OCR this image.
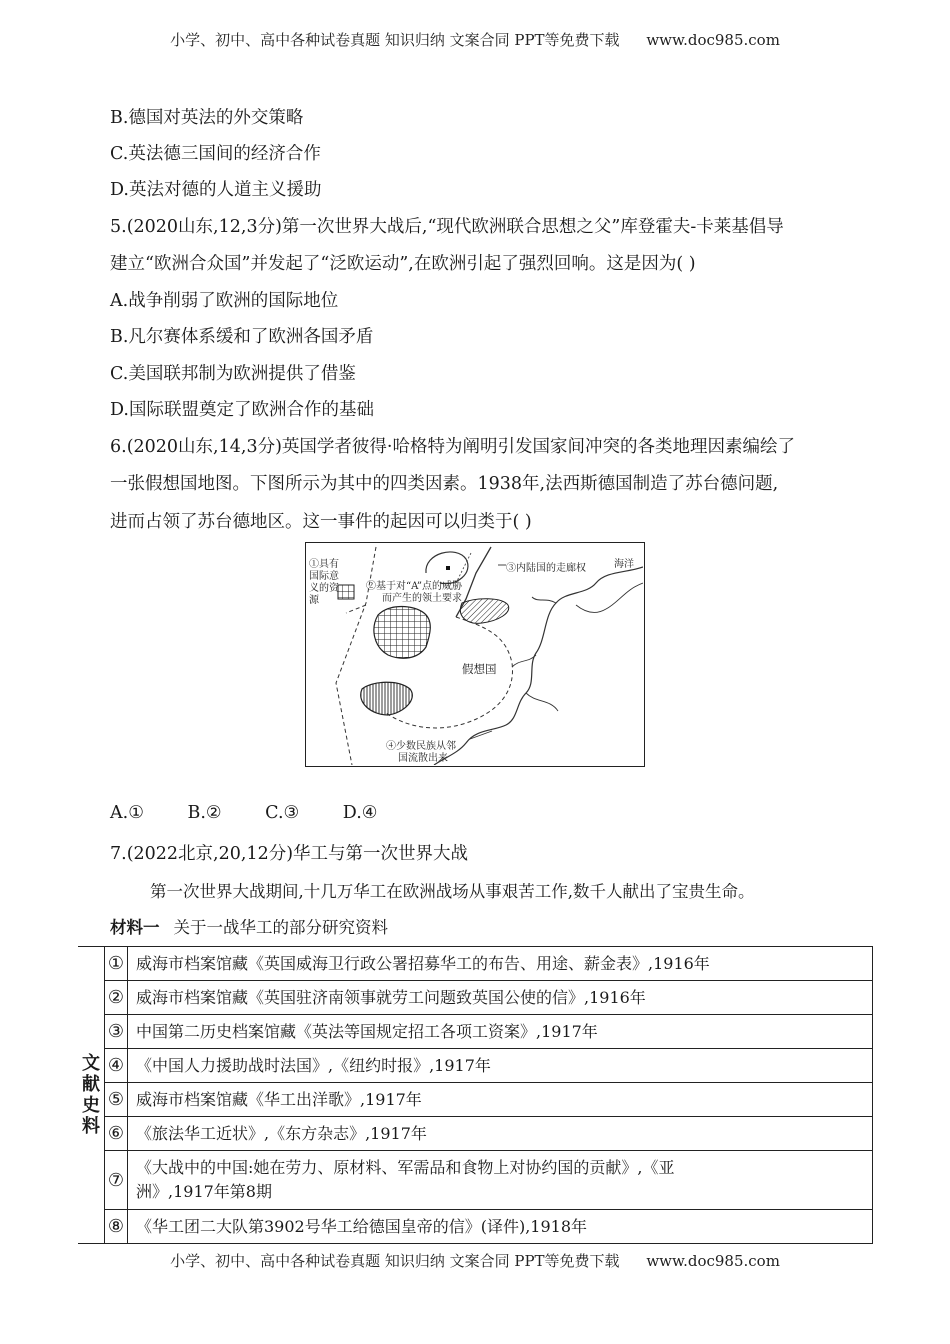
小学、初中、高中各种试卷真题 知识归纳 文案合同 PPT等免费下载 www.doc985.com
B.德国对英法的外交策略
C.英法德三国间的经济合作
D.英法对德的人道主义援助
5.(2020山东,12,3分)第一次世界大战后,“现代欧洲联合思想之父”库登霍夫-卡莱基倡导
建立“欧洲合众国”并发起了“泛欧运动”,在欧洲引起了强烈回响。这是因为( )
A.战争削弱了欧洲的国际地位
B.凡尔赛体系缓和了欧洲各国矛盾
C.美国联邦制为欧洲提供了借鉴
D.国际联盟奠定了欧洲合作的基础
6.(2020山东,14,3分)英国学者彼得·哈格特为阐明引发国家间冲突的各类地理因素编绘了
一张假想国地图。下图所示为其中的四类因素。1938年,法西斯德国制造了苏台德问题,
进而占领了苏台德地区。这一事件的起因可以归类于( )
①具有
国际意
义的资
源
②基于对“A”点的威胁
而产生的领土要求
③内陆国的走廊权	海洋
假想国
④少数民族从邻
国流散出来
A.① B.② C.③ D.④
7.(2022北京,20,12分)华工与第一次世界大战
第一次世界大战期间,十几万华工在欧洲战场从事艰苦工作,数千人献出了宝贵生命。
材料一 关于一战华工的部分研究资料
文
献
史
料	①	威海市档案馆藏《英国威海卫行政公署招募华工的布告、用途、薪金表》,1916年
	②	威海市档案馆藏《英国驻济南领事就劳工问题致英国公使的信》,1916年
	③	中国第二历史档案馆藏《英法等国规定招工各项工资案》,1917年
	④	《中国人力援助战时法国》,《纽约时报》,1917年
	⑤	威海市档案馆藏《华工出洋歌》,1917年
	⑥	《旅法华工近状》,《东方杂志》,1917年
	⑦	《大战中的中国:她在劳力、原材料、军需品和食物上对协约国的贡献》,《亚
洲》,1917年第8期

	⑧	《华工团二大队第3902号华工给德国皇帝的信》(译件),1918年
小学、初中、高中各种试卷真题 知识归纳 文案合同 PPT等免费下载 www.doc985.com
